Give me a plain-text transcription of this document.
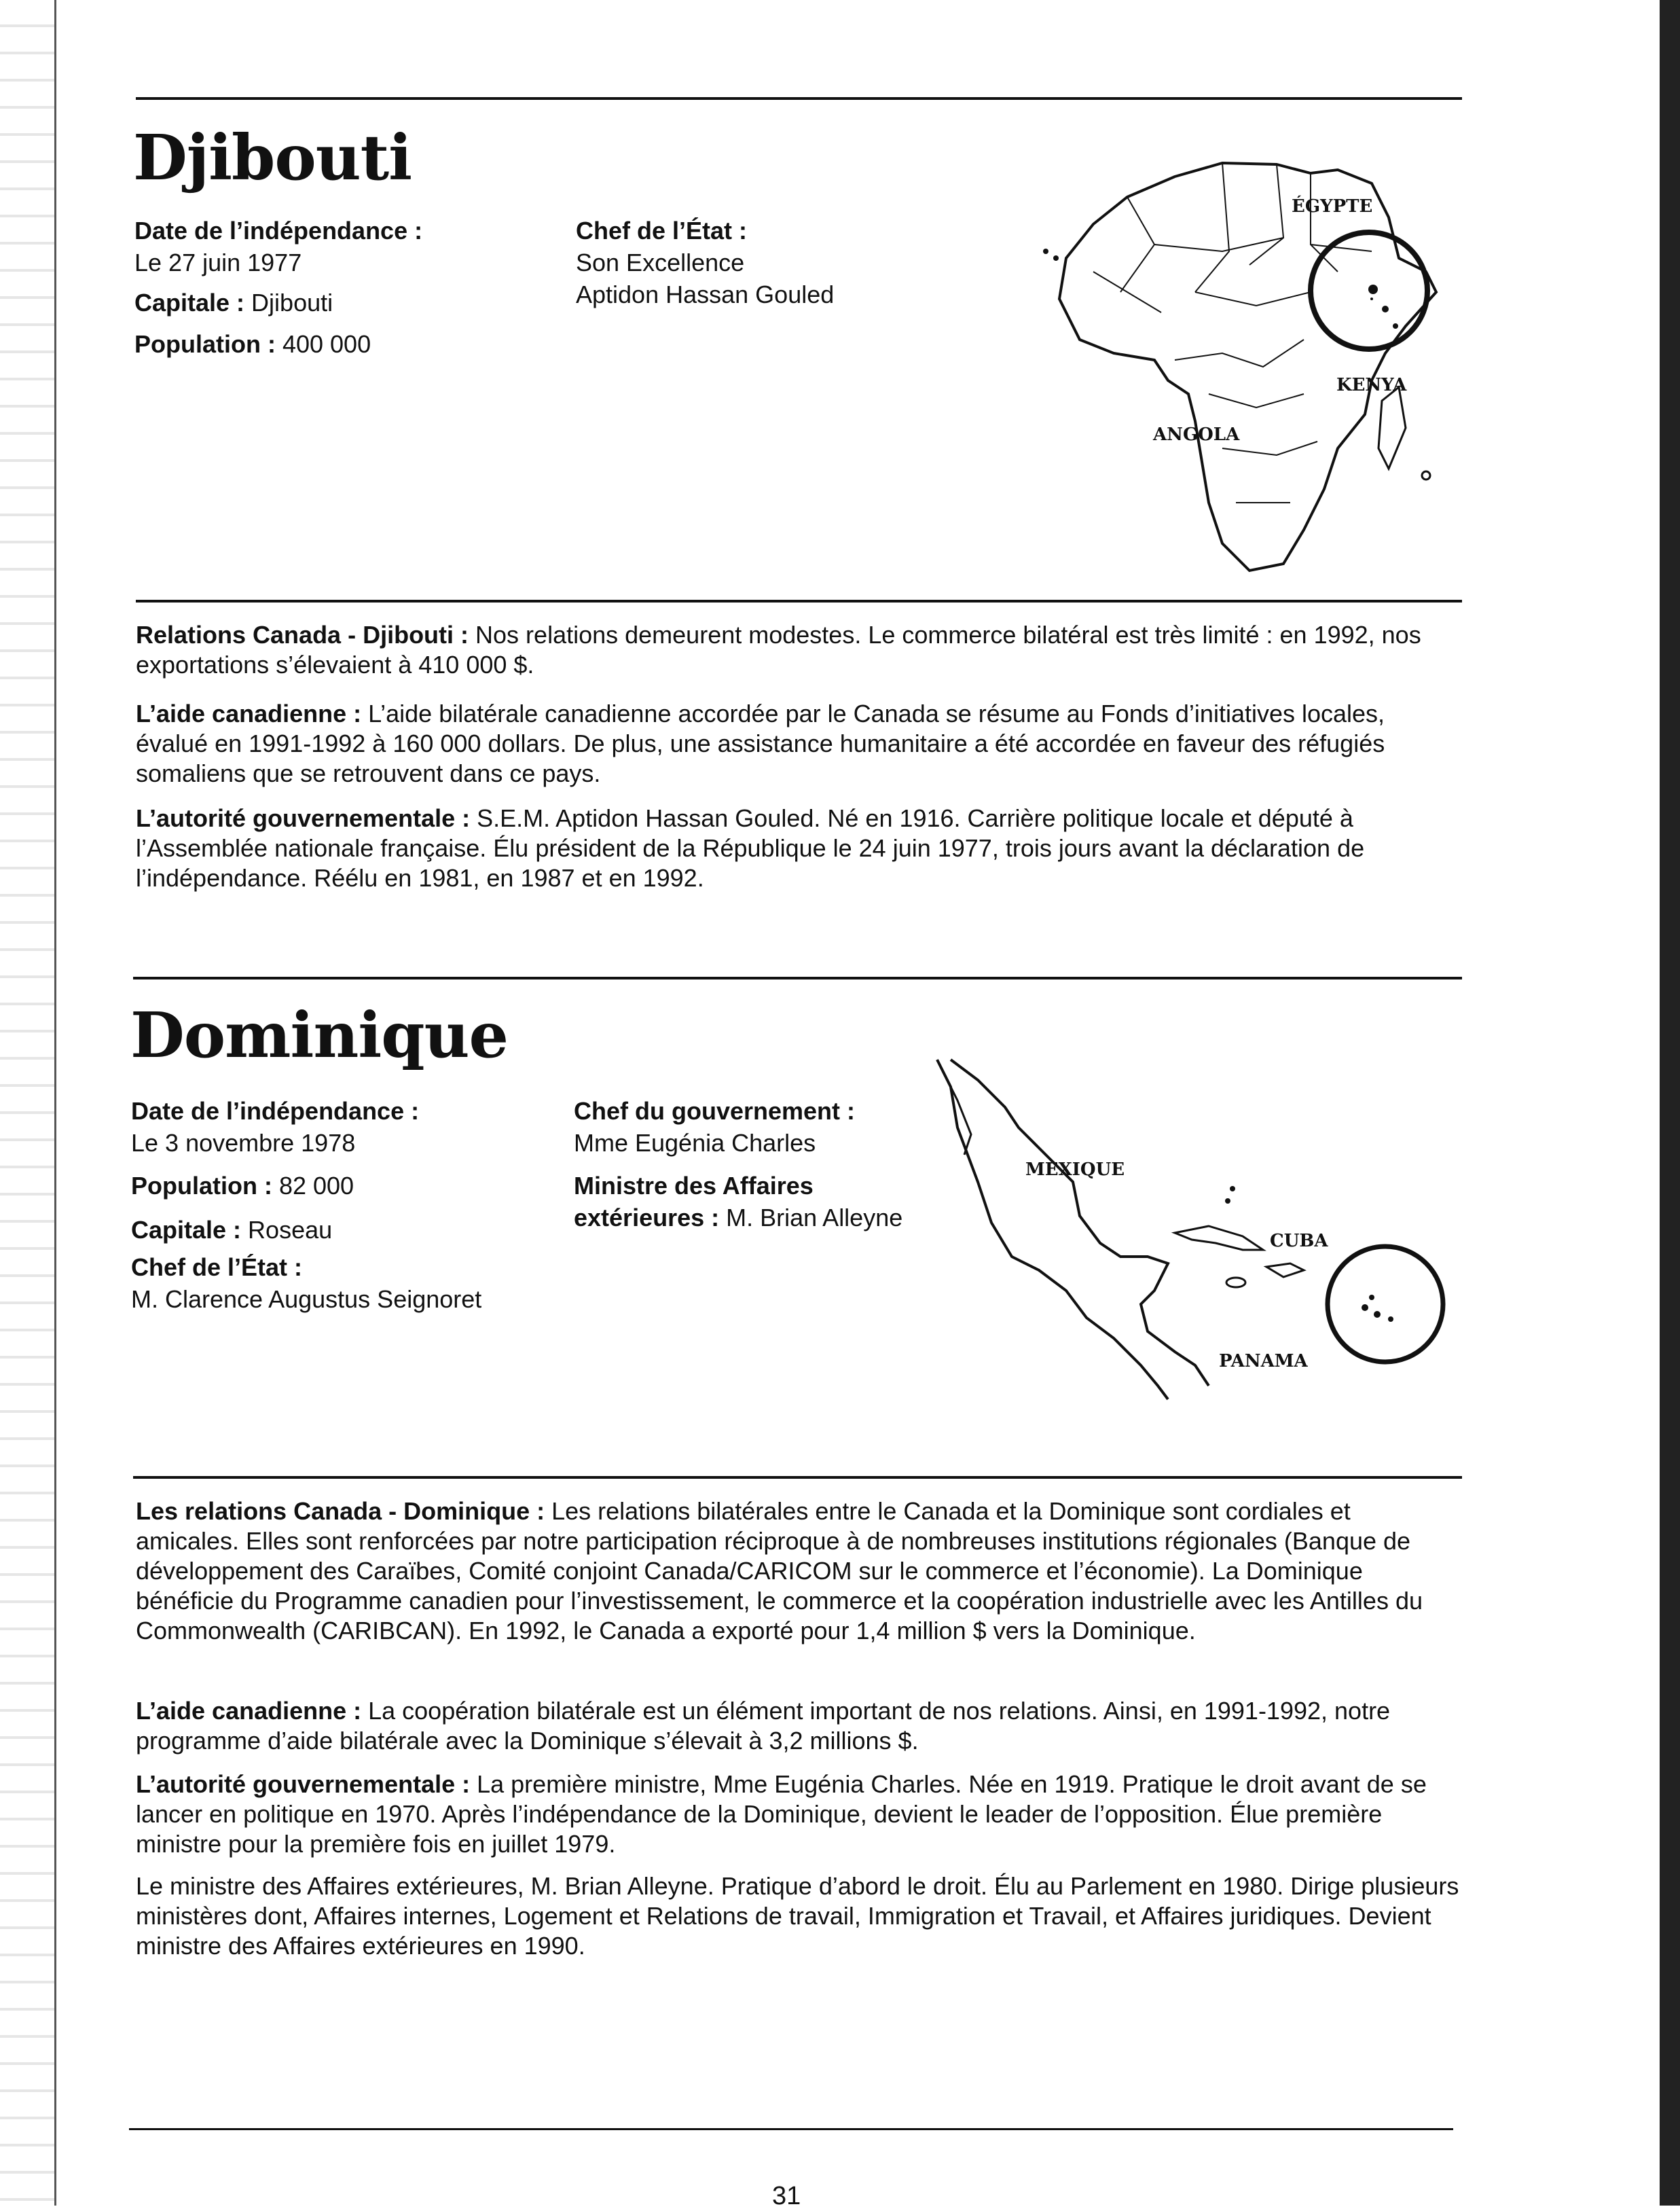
Djibouti
Date de l’indépendance :
Le 27 juin 1977
Capitale : Djibouti
Population : 400 000
Chef de l’État :
Son Excellence
Aptidon Hassan Gouled
ÉGYPTE
KENYA
ANGOLA

Relations Canada - Djibouti : Nos relations demeurent modestes. Le commerce bilatéral est très limité : en 1992, nos exportations s’élevaient à 410 000 $.

L’aide canadienne : L’aide bilatérale canadienne accordée par le Canada se résume au Fonds d’initiatives locales, évalué en 1991-1992 à 160 000 dollars. De plus, une assistance humanitaire a été accordée en faveur des réfugiés somaliens que se retrouvent dans ce pays.

L’autorité gouvernementale : S.E.M. Aptidon Hassan Gouled. Né en 1916. Carrière politique locale et député à l’Assemblée nationale française. Élu président de la République le 24 juin 1977, trois jours avant la déclaration de l’indépendance. Réélu en 1981, en 1987 et en 1992.

Dominique
Date de l’indépendance :
Le 3 novembre 1978
Population : 82 000
Capitale : Roseau
Chef de l’État :
M. Clarence Augustus Seignoret
Chef du gouvernement :
Mme Eugénia Charles
Ministre des Affaires
extérieures : M. Brian Alleyne
MEXIQUE
CUBA
PANAMA

Les relations Canada - Dominique : Les relations bilatérales entre le Canada et la Dominique sont cordiales et amicales. Elles sont renforcées par notre participation réciproque à de nombreuses institutions régionales (Banque de développement des Caraïbes, Comité conjoint Canada/CARICOM sur le commerce et l’économie). La Dominique bénéficie du Programme canadien pour l’investissement, le commerce et la coopération industrielle avec les Antilles du Commonwealth (CARIBCAN). En 1992, le Canada a exporté pour 1,4 million $ vers la Dominique.

L’aide canadienne : La coopération bilatérale est un élément important de nos relations. Ainsi, en 1991-1992, notre programme d’aide bilatérale avec la Dominique s’élevait à 3,2 millions $.

L’autorité gouvernementale : La première ministre, Mme Eugénia Charles. Née en 1919. Pratique le droit avant de se lancer en politique en 1970. Après l’indépendance de la Dominique, devient le leader de l’opposition. Élue première ministre pour la première fois en juillet 1979.

Le ministre des Affaires extérieures, M. Brian Alleyne. Pratique d’abord le droit. Élu au Parlement en 1980. Dirige plusieurs ministères dont, Affaires internes, Logement et Relations de travail, Immigration et Travail, et Affaires juridiques. Devient ministre des Affaires extérieures en 1990.

31
